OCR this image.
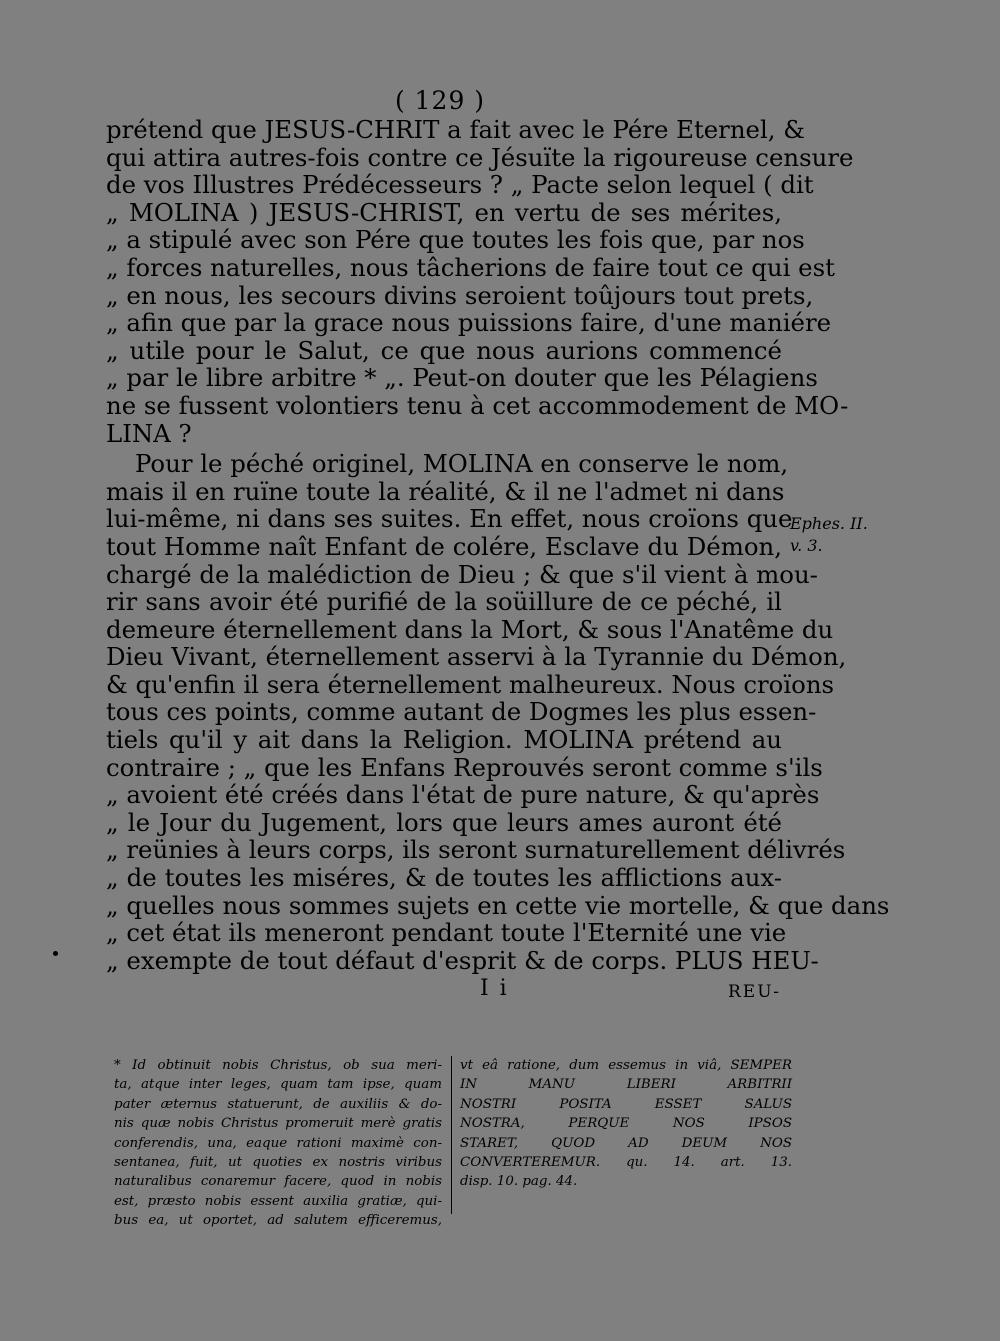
( 129 )
prétend que JESUS-CHRIT a fait avec le Pére Eternel, &
qui attira autres-fois contre ce Jésuïte la rigoureuse censure
de vos Illustres Prédécesseurs ? „ Pacte selon lequel ( dit
„ MOLINA ) JESUS-CHRIST, en vertu de ses mérites,
„ a stipulé avec son Pére que toutes les fois que, par nos
„ forces naturelles, nous tâcherions de faire tout ce qui est
„ en nous, les secours divins seroient toûjours tout prets,
„ afin que par la grace nous puissions faire, d'une maniére
„ utile pour le Salut, ce que nous aurions commencé
„ par le libre arbitre * „. Peut-on douter que les Pélagiens
ne se fussent volontiers tenu à cet accommodement de MO-
LINA ?
Pour le péché originel, MOLINA en conserve le nom,
mais il en ruïne toute la réalité, & il ne l'admet ni dans
lui-même, ni dans ses suites. En effet, nous croïons que
tout Homme naît Enfant de colére, Esclave du Démon,
chargé de la malédiction de Dieu ; & que s'il vient à mou-
rir sans avoir été purifié de la soüillure de ce péché, il
demeure éternellement dans la Mort, & sous l'Anatême du
Dieu Vivant, éternellement asservi à la Tyrannie du Démon,
& qu'enfin il sera éternellement malheureux. Nous croïons
tous ces points, comme autant de Dogmes les plus essen-
tiels qu'il y ait dans la Religion. MOLINA prétend au
contraire ; „ que les Enfans Reprouvés seront comme s'ils
„ avoient été créés dans l'état de pure nature, & qu'après
„ le Jour du Jugement, lors que leurs ames auront été
„ reünies à leurs corps, ils seront surnaturellement délivrés
„ de toutes les miséres, & de toutes les afflictions aux-
„ quelles nous sommes sujets en cette vie mortelle, & que dans
„ cet état ils meneront pendant toute l'Eternité une vie
„ exempte de tout défaut d'esprit & de corps. PLUS HEU-
Ephes. II.
v. 3.
I i	REU-
* Id obtinuit nobis Christus, ob sua meri-
ta, atque inter leges, quam tam ipse, quam
pater æternus statuerunt, de auxiliis & do-
nis quæ nobis Christus promeruit merè gratis
conferendis, una, eaque rationi maximè con-
sentanea, fuit, ut quoties ex nostris viribus
naturalibus conaremur facere, quod in nobis
est, præsto nobis essent auxilia gratiæ, qui-
bus ea, ut oportet, ad salutem efficeremus,
vt eâ ratione, dum essemus in viâ, SEMPER
IN MANU LIBERI ARBITRII
NOSTRI POSITA ESSET SALUS
NOSTRA, PERQUE NOS IPSOS
STARET, QUOD AD DEUM NOS
CONVERTEREMUR. qu. 14. art. 13.
disp. 10. pag. 44.
